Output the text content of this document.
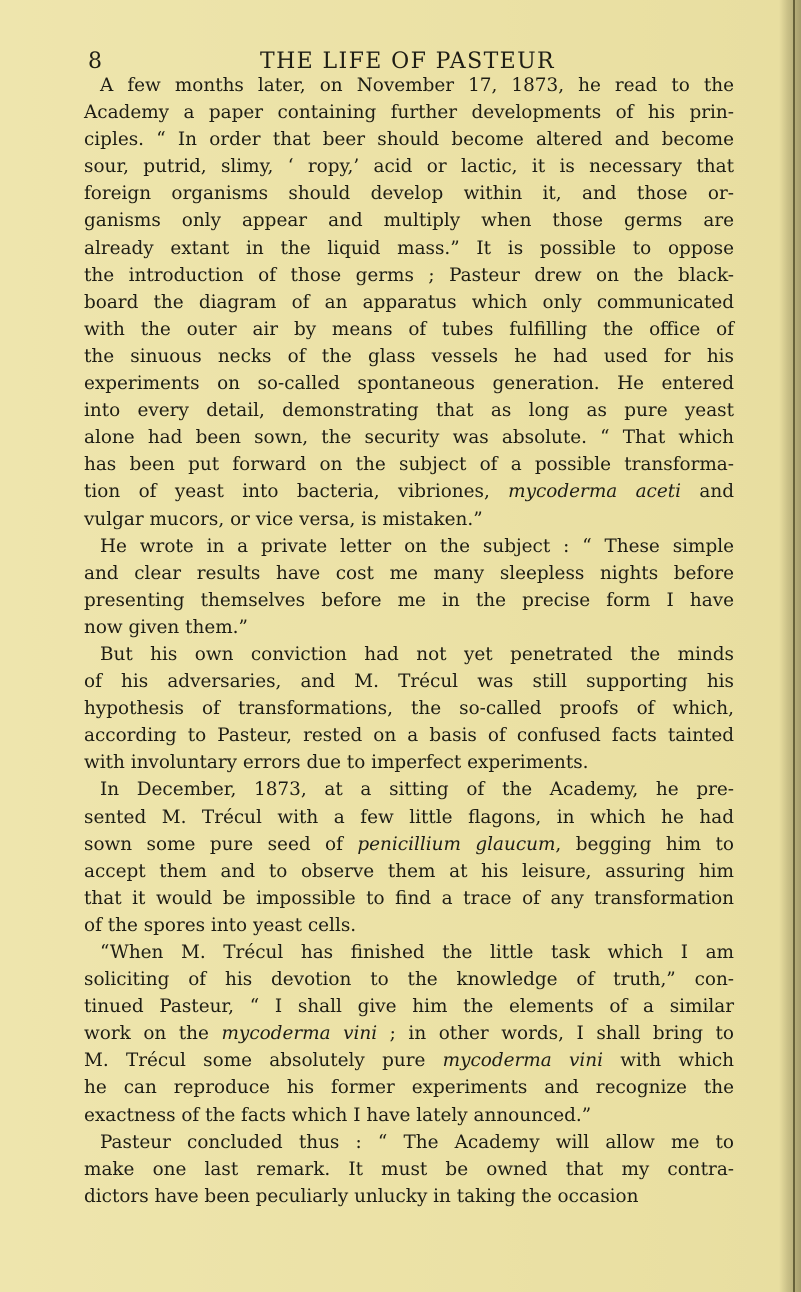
8	THE LIFE OF PASTEUR
A few months later, on November 17, 1873, he read to the
Academy a paper containing further developments of his prin-
ciples. “ In order that beer should become altered and become
sour, putrid, slimy, ‘ ropy,’ acid or lactic, it is necessary that
foreign organisms should develop within it, and those or-
ganisms only appear and multiply when those germs are
already extant in the liquid mass.” It is possible to oppose
the introduction of those germs ; Pasteur drew on the black-
board the diagram of an apparatus which only communicated
with the outer air by means of tubes fulfilling the office of
the sinuous necks of the glass vessels he had used for his
experiments on so-called spontaneous generation. He entered
into every detail, demonstrating that as long as pure yeast
alone had been sown, the security was absolute. “ That which
has been put forward on the subject of a possible transforma-
tion of yeast into bacteria, vibriones, mycoderma aceti and
vulgar mucors, or vice versa, is mistaken.”
He wrote in a private letter on the subject : “ These simple
and clear results have cost me many sleepless nights before
presenting themselves before me in the precise form I have
now given them.”
But his own conviction had not yet penetrated the minds
of his adversaries, and M. Trécul was still supporting his
hypothesis of transformations, the so-called proofs of which,
according to Pasteur, rested on a basis of confused facts tainted
with involuntary errors due to imperfect experiments.
In December, 1873, at a sitting of the Academy, he pre-
sented M. Trécul with a few little flagons, in which he had
sown some pure seed of penicillium glaucum, begging him to
accept them and to observe them at his leisure, assuring him
that it would be impossible to find a trace of any transformation
of the spores into yeast cells.
“When M. Trécul has finished the little task which I am
soliciting of his devotion to the knowledge of truth,” con-
tinued Pasteur, “ I shall give him the elements of a similar
work on the mycoderma vini ; in other words, I shall bring to
M. Trécul some absolutely pure mycoderma vini with which
he can reproduce his former experiments and recognize the
exactness of the facts which I have lately announced.”
Pasteur concluded thus : “ The Academy will allow me to
make one last remark. It must be owned that my contra-
dictors have been peculiarly unlucky in taking the occasion
